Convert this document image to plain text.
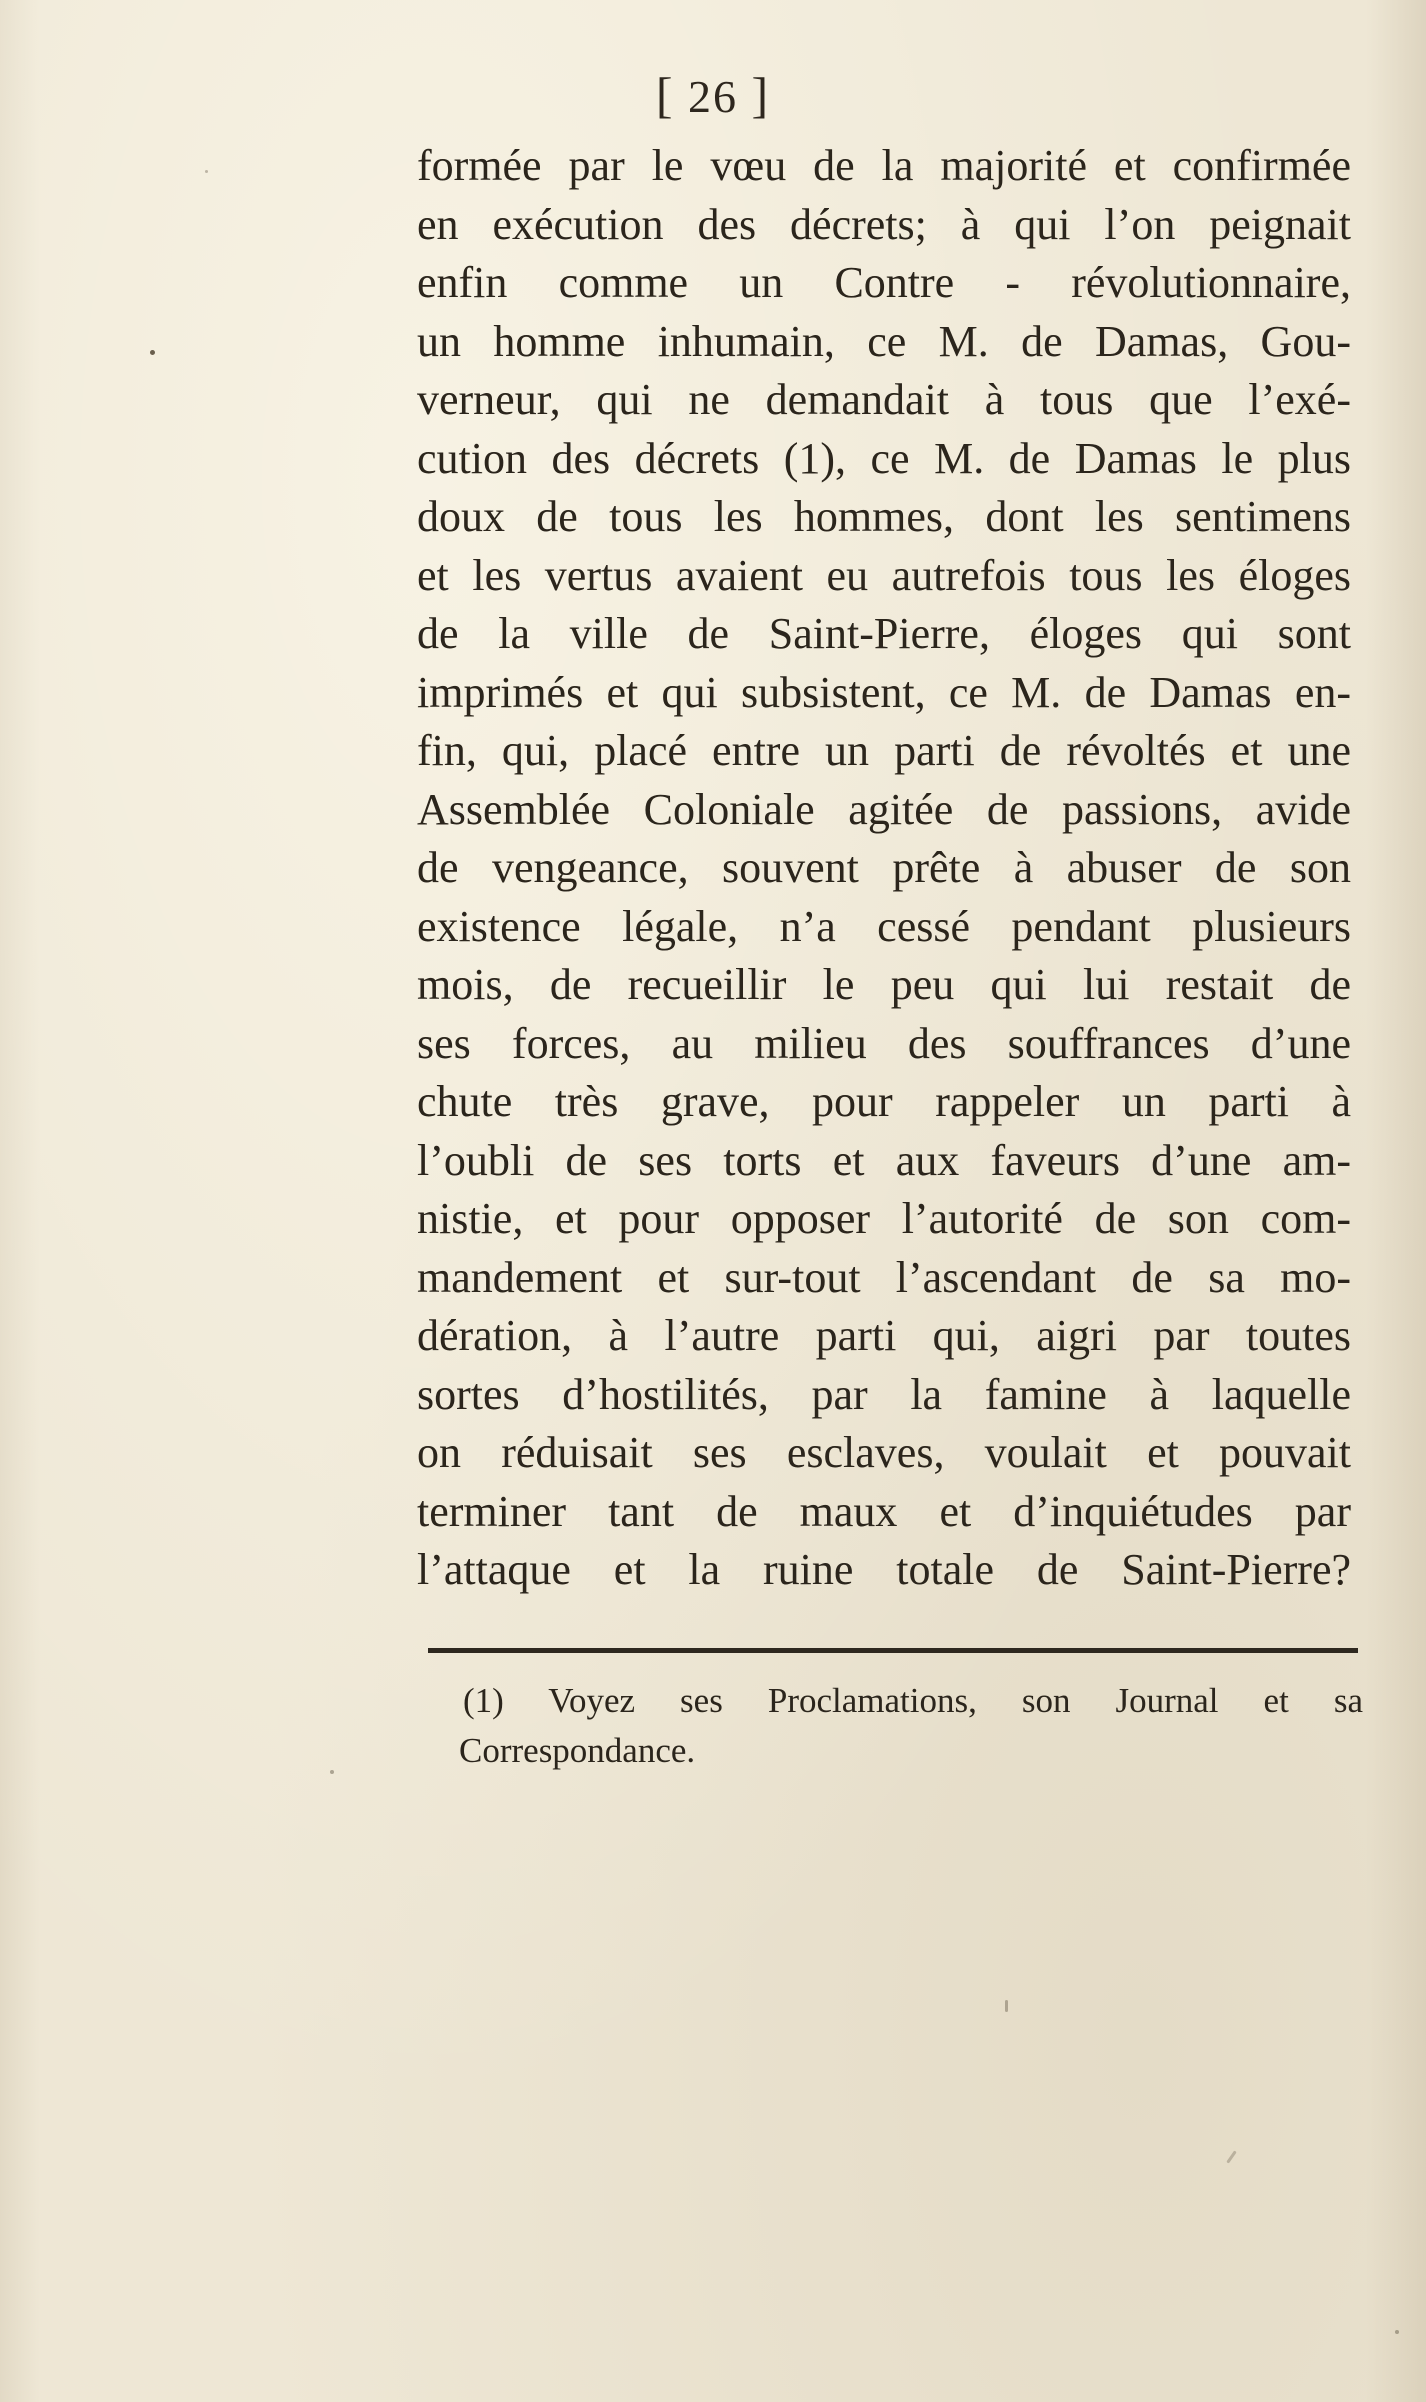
[ 26 ]
formée par le vœu de la majorité et confirmée
en exécution des décrets; à qui l’on peignait
enfin comme un Contre - révolutionnaire,
un homme inhumain, ce M. de Damas, Gou-
verneur, qui ne demandait à tous que l’exé-
cution des décrets (1), ce M. de Damas le plus
doux de tous les hommes, dont les sentimens
et les vertus avaient eu autrefois tous les éloges
de la ville de Saint-Pierre, éloges qui sont
imprimés et qui subsistent, ce M. de Damas en-
fin, qui, placé entre un parti de révoltés et une
Assemblée Coloniale agitée de passions, avide
de vengeance, souvent prête à abuser de son
existence légale, n’a cessé pendant plusieurs
mois, de recueillir le peu qui lui restait de
ses forces, au milieu des souffrances d’une
chute très grave, pour rappeler un parti à
l’oubli de ses torts et aux faveurs d’une am-
nistie, et pour opposer l’autorité de son com-
mandement et sur-tout l’ascendant de sa mo-
dération, à l’autre parti qui, aigri par toutes
sortes d’hostilités, par la famine à laquelle
on réduisait ses esclaves, voulait et pouvait
terminer tant de maux et d’inquiétudes par
l’attaque et la ruine totale de Saint-Pierre?
(1) Voyez ses Proclamations, son Journal et sa
Correspondance.
